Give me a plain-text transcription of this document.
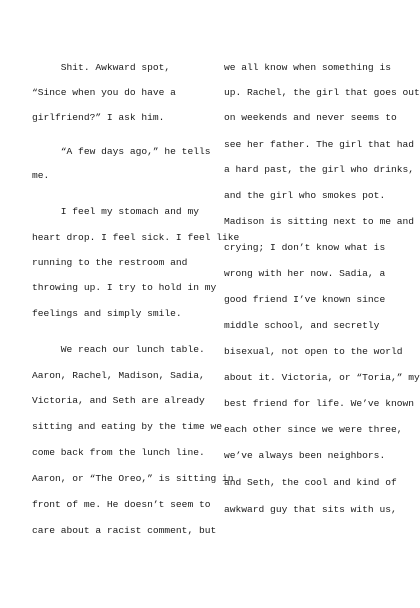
Shit. Awkward spot,
“Since when you do have a
girlfriend?” I ask him.
“A few days ago,” he tells
me.
I feel my stomach and my
heart drop. I feel sick. I feel like
running to the restroom and
throwing up. I try to hold in my
feelings and simply smile.
We reach our lunch table.
Aaron, Rachel, Madison, Sadia,
Victoria, and Seth are already
sitting and eating by the time we
come back from the lunch line.
Aaron, or “The Oreo,” is sitting in
front of me. He doesn’t seem to
care about a racist comment, but
we all know when something is
up. Rachel, the girl that goes out
on weekends and never seems to
see her father. The girl that had
a hard past, the girl who drinks,
and the girl who smokes pot.
Madison is sitting next to me and
crying; I don’t know what is
wrong with her now. Sadia, a
good friend I’ve known since
middle school, and secretly
bisexual, not open to the world
about it. Victoria, or “Toria,” my
best friend for life. We’ve known
each other since we were three,
we’ve always been neighbors.
and Seth, the cool and kind of
awkward guy that sits with us,
